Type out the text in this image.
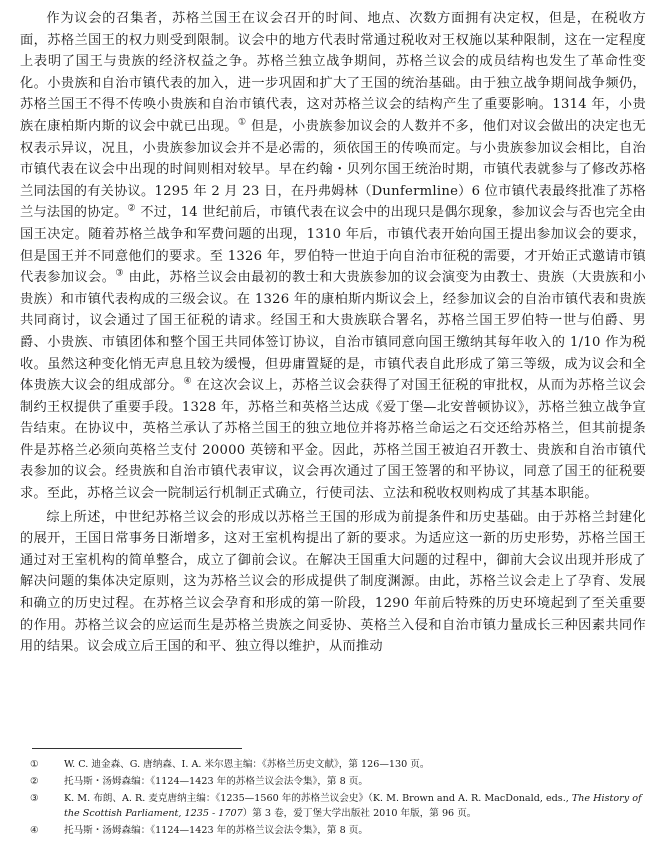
作为议会的召集者，苏格兰国王在议会召开的时间、地点、次数方面拥有决定权，但是，在税收方面，苏格兰国王的权力则受到限制。议会中的地方代表时常通过税收对王权施以某种限制，这在一定程度上表明了国王与贵族的经济权益之争。苏格兰独立战争期间，苏格兰议会的成员结构也发生了革命性变化。小贵族和自治市镇代表的加入，进一步巩固和扩大了王国的统治基础。由于独立战争期间战争频仍，苏格兰国王不得不传唤小贵族和自治市镇代表，这对苏格兰议会的结构产生了重要影响。1314 年，小贵族在康柏斯内斯的议会中就已出现。① 但是，小贵族参加议会的人数并不多，他们对议会做出的决定也无权表示异议，况且，小贵族参加议会并不是必需的，须依国王的传唤而定。与小贵族参加议会相比，自治市镇代表在议会中出现的时间则相对较早。早在约翰・贝列尔国王统治时期，市镇代表就参与了修改苏格兰同法国的有关协议。1295 年 2 月 23 日，在丹弗姆林（Dunfermline）6 位市镇代表最终批准了苏格兰与法国的协定。② 不过，14 世纪前后，市镇代表在议会中的出现只是偶尔现象，参加议会与否也完全由国王决定。随着苏格兰战争和军费问题的出现，1310 年后，市镇代表开始向国王提出参加议会的要求，但是国王并不同意他们的要求。至 1326 年，罗伯特一世迫于向自治市征税的需要，才开始正式邀请市镇代表参加议会。③ 由此，苏格兰议会由最初的教士和大贵族参加的议会演变为由教士、贵族（大贵族和小贵族）和市镇代表构成的三级会议。在 1326 年的康柏斯内斯议会上，经参加议会的自治市镇代表和贵族共同商讨，议会通过了国王征税的请求。经国王和大贵族联合署名，苏格兰国王罗伯特一世与伯爵、男爵、小贵族、市镇团体和整个国王共同体签订协议，自治市镇同意向国王缴纳其每年收入的 1/10 作为税收。虽然这种变化悄无声息且较为缓慢，但毋庸置疑的是，市镇代表自此形成了第三等级，成为议会和全体贵族大议会的组成部分。④ 在这次会议上，苏格兰议会获得了对国王征税的审批权，从而为苏格兰议会制约王权提供了重要手段。1328 年，苏格兰和英格兰达成《爱丁堡—北安普顿协议》，苏格兰独立战争宣告结束。在协议中，英格兰承认了苏格兰国王的独立地位并将苏格兰命运之石交还给苏格兰，但其前提条件是苏格兰必须向英格兰支付 20000 英镑和平金。因此，苏格兰国王被迫召开教士、贵族和自治市镇代表参加的议会。经贵族和自治市镇代表审议，议会再次通过了国王签署的和平协议，同意了国王的征税要求。至此，苏格兰议会一院制运行机制正式确立，行使司法、立法和税收权则构成了其基本职能。

综上所述，中世纪苏格兰议会的形成以苏格兰王国的形成为前提条件和历史基础。由于苏格兰封建化的展开，王国日常事务日渐增多，这对王室机构提出了新的要求。为适应这一新的历史形势，苏格兰国王通过对王室机构的简单整合，成立了御前会议。在解决王国重大问题的过程中，御前大会议出现并形成了解决问题的集体决定原则，这为苏格兰议会的形成提供了制度渊源。由此，苏格兰议会走上了孕育、发展和确立的历史过程。在苏格兰议会孕育和形成的第一阶段，1290 年前后特殊的历史环境起到了至关重要的作用。苏格兰议会的应运而生是苏格兰贵族之间妥协、英格兰入侵和自治市镇力量成长三种因素共同作用的结果。议会成立后王国的和平、独立得以维护，从而推动

①	W. C. 迪金森、G. 唐纳森、I. A. 米尔恩主编：《苏格兰历史文献》，第 126—130 页。
②	托马斯・汤姆森编：《1124—1423 年的苏格兰议会法令集》，第 8 页。
③	K. M. 布朗、A. R. 麦克唐纳主编：《1235—1560 年的苏格兰议会史》（K. M. Brown and A. R. MacDonald, eds., The History of the Scottish Parliament, 1235 - 1707）第 3 卷，爱丁堡大学出版社 2010 年版，第 96 页。
④	托马斯・汤姆森编：《1124—1423 年的苏格兰议会法令集》，第 8 页。
